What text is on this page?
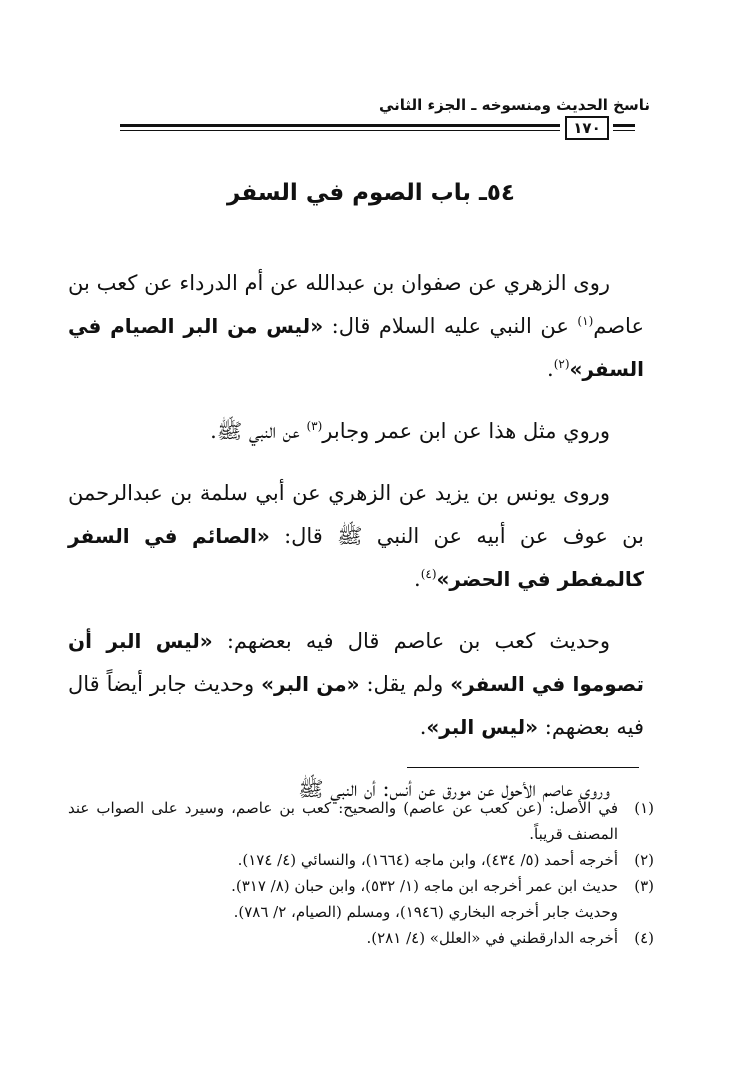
ناسخ الحديث ومنسوخه ـ الجزء الثاني
١٧٠
٥٤ـ باب الصوم في السفر

روى الزهري عن صفوان بن عبدالله عن أم الدرداء عن كعب بن عاصم$^{(١)}$ عن النبي عليه السلام قال: «ليس من البر الصيام في السفر»$^{(٢)}$.

وروي مثل هذا عن ابن عمر وجابر$^{(٣)}$ عن النبي ﷺ.

وروى يونس بن يزيد عن الزهري عن أبي سلمة بن عبدالرحمن بن عوف عن أبيه عن النبي ﷺ قال: «الصائم في السفر كالمفطر في الحضر»$^{(٤)}$.

وحديث كعب بن عاصم قال فيه بعضهم: «ليس البر أن تصوموا في السفر» ولم يقل: «من البر» وحديث جابر أيضاً قال فيه بعضهم: «ليس البر».

وروى عاصم الأحول عن مورق عن أنس: أن النبي ﷺ

(١)
في الأصل: (عن كعب عن عاصم) والصحيح: كعب بن عاصم، وسيرد على الصواب عند المصنف قريباً.
(٢)
أخرجه أحمد (٥/ ٤٣٤)، وابن ماجه (١٦٦٤)، والنسائي (٤/ ١٧٤).
(٣)
حديث ابن عمر أخرجه ابن ماجه (١/ ٥٣٢)، وابن حبان (٨/ ٣١٧).
وحديث جابر أخرجه البخاري (١٩٤٦)، ومسلم (الصيام، ٢/ ٧٨٦).
(٤)
أخرجه الدارقطني في «العلل» (٤/ ٢٨١).
